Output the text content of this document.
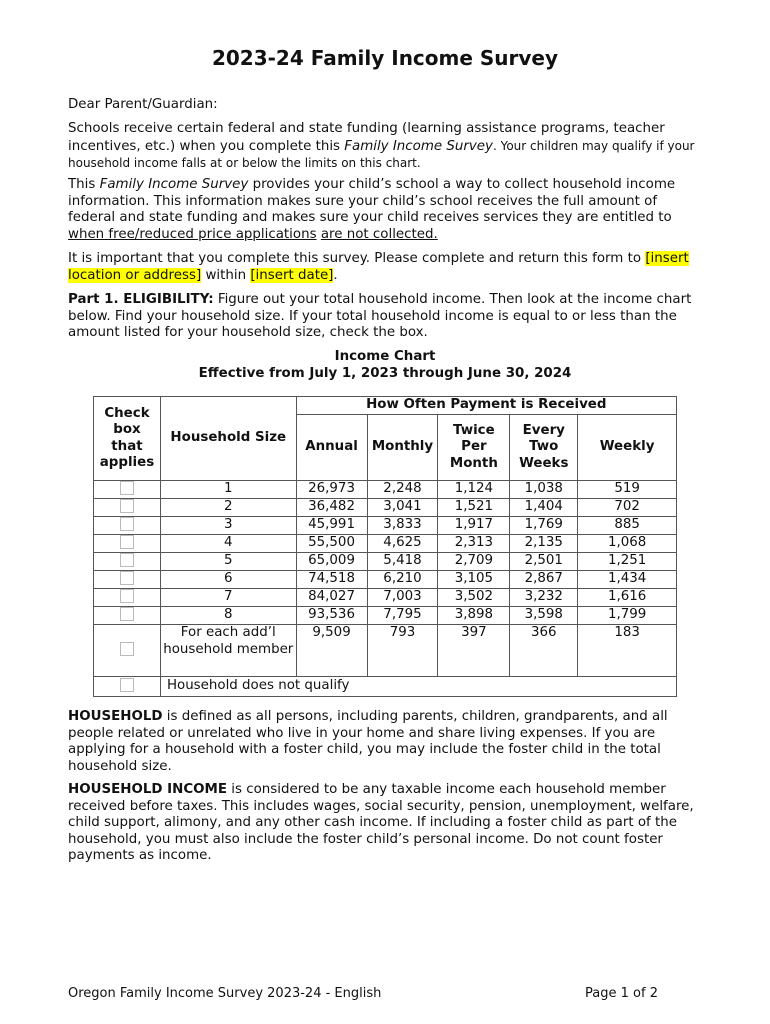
2023-24 Family Income Survey

Dear Parent/Guardian:

Schools receive certain federal and state funding (learning assistance programs, teacher incentives, etc.) when you complete this Family Income Survey. Your children may qualify if your household income falls at or below the limits on this chart.

This Family Income Survey provides your child’s school a way to collect household income information. This information makes sure your child’s school receives the full amount of federal and state funding and makes sure your child receives services they are entitled to when free/reduced price applications are not collected.

It is important that you complete this survey. Please complete and return this form to [insert location or address] within [insert date].

Part 1. ELIGIBILITY: Figure out your total household income. Then look at the income chart below. Find your household size. If your total household income is equal to or less than the amount listed for your household size, check the box.

Income Chart
Effective from July 1, 2023 through June 30, 2024
Check box that applies	Household Size	How Often Payment is Received				
		Annual	Monthly	Twice Per Month	Every Two Weeks	Weekly
	1	26,973	2,248	1,124	1,038	519
	2	36,482	3,041	1,521	1,404	702
	3	45,991	3,833	1,917	1,769	885
	4	55,500	4,625	2,313	2,135	1,068
	5	65,009	5,418	2,709	2,501	1,251
	6	74,518	6,210	3,105	2,867	1,434
	7	84,027	7,003	3,502	3,232	1,616
	8	93,536	7,795	3,898	3,598	1,799
	For each add’l household member	9,509	793	397	366	183
	Household does not qualify					

HOUSEHOLD is defined as all persons, including parents, children, grandparents, and all people related or unrelated who live in your home and share living expenses. If you are applying for a household with a foster child, you may include the foster child in the total household size.

HOUSEHOLD INCOME is considered to be any taxable income each household member received before taxes. This includes wages, social security, pension, unemployment, welfare, child support, alimony, and any other cash income. If including a foster child as part of the household, you must also include the foster child’s personal income. Do not count foster payments as income.

Oregon Family Income Survey 2023-24 - English	Page 1 of 2
